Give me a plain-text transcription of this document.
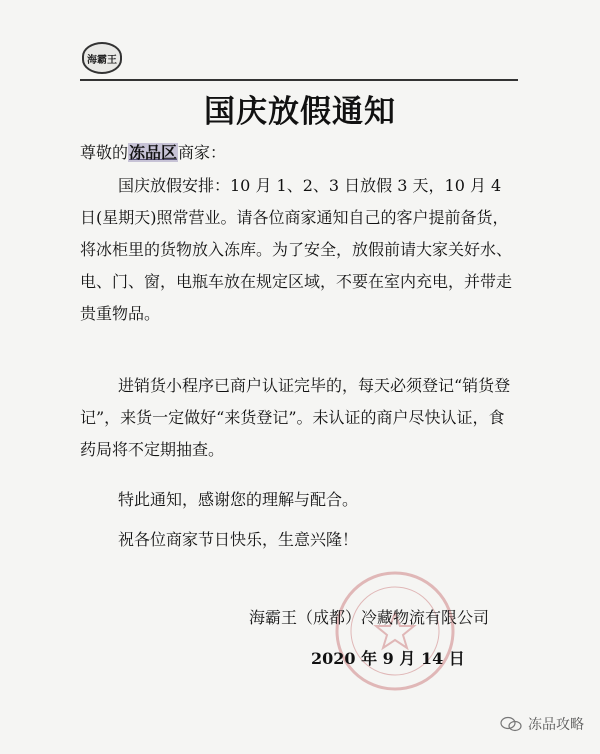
海霸王
国庆放假通知
尊敬的冻品区商家：

国庆放假安排：10 月 1、2、3 日放假 3 天，10 月 4 日(星期天)照常营业。请各位商家通知自己的客户提前备货，将冰柜里的货物放入冻库。为了安全，放假前请大家关好水、电、门、窗，电瓶车放在规定区域，不要在室内充电，并带走贵重物品。

进销货小程序已商户认证完毕的，每天必须登记“销货登记”，来货一定做好“来货登记”。未认证的商户尽快认证，食药局将不定期抽查。

特此通知，感谢您的理解与配合。

祝各位商家节日快乐，生意兴隆！

海霸王（成都）冷藏物流有限公司
2020 年 9 月 14 日
冻品攻略
